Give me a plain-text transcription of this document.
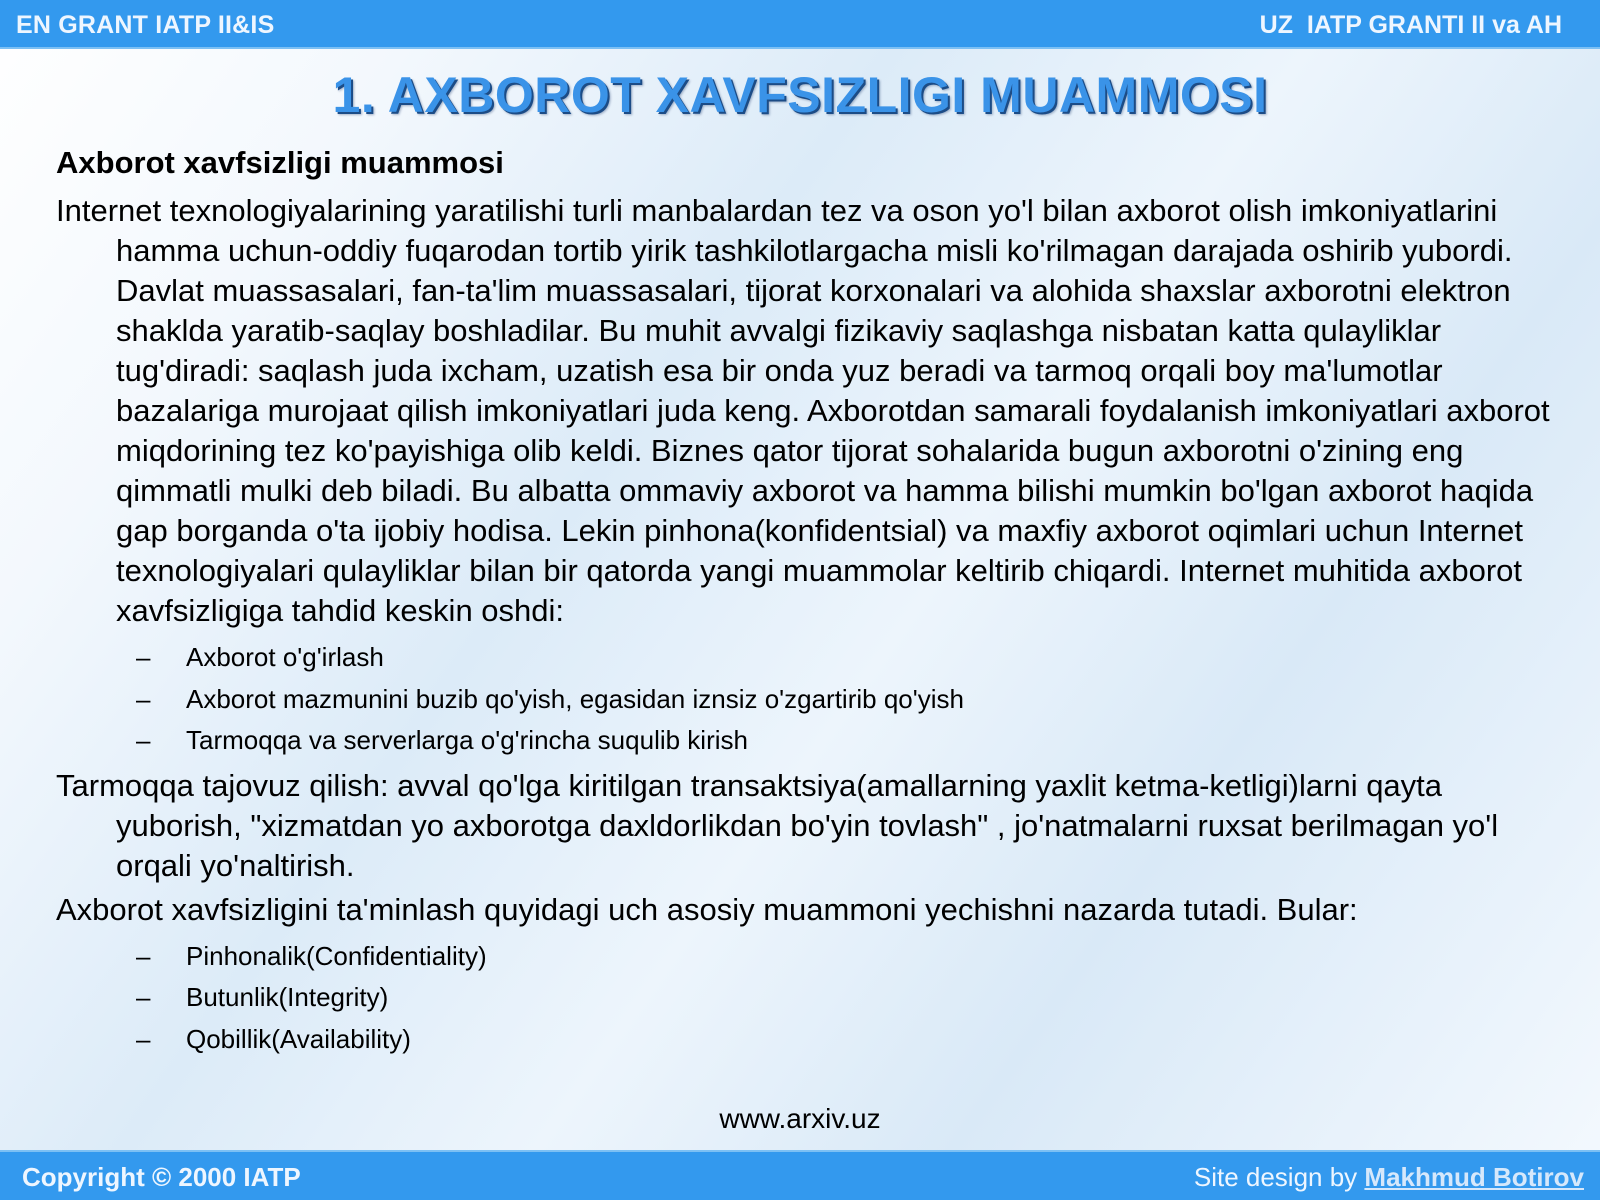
EN GRANT IATP II&IS	UZ  IATP GRANTI II va AH
1. AXBOROT XAVFSIZLIGI MUAMMOSI
Axborot xavfsizligi muammosi

Internet texnologiyalarining yaratilishi turli manbalardan tez va oson yo'l bilan axborot olish imkoniyatlarini hamma uchun-oddiy fuqarodan tortib yirik tashkilotlargacha misli ko'rilmagan darajada oshirib yubordi. Davlat muassasalari, fan-ta'lim muassasalari, tijorat korxonalari va alohida shaxslar axborotni elektron shakldа yaratib-saqlay boshladilar. Bu muhit avvalgi fizikaviy saqlashga nisbatan katta qulayliklar tug'diradi: saqlash juda ixcham, uzatish esa bir onda yuz beradi va tarmoq orqali boy ma'lumotlar bazalariga murojaat qilish imkoniyatlari juda keng. Axborotdan samarali foydalanish imkoniyatlari axborot miqdorining tez ko'payishiga olib keldi. Biznes qator tijorat sohalarida bugun axborotni o'zining eng qimmatli mulki deb biladi. Bu albatta ommaviy axborot va hamma bilishi mumkin bo'lgan axborot haqida gap borganda o'ta ijobiy hodisa. Lekin pinhona(konfidentsial) va maxfiy axborot oqimlari uchun Internet texnologiyalari qulayliklar bilan bir qatorda yangi muammolar keltirib chiqardi. Internet muhitida axborot xavfsizligiga tahdid keskin oshdi:

– Axborot o'g'irlash
– Axborot mazmunini buzib qo'yish, egasidan iznsiz o'zgartirib qo'yish
– Tarmoqqa va serverlarga o'g'rincha suqulib kirish

Tarmoqqa tajovuz qilish: avval qo'lga kiritilgan transaktsiya(amallarning yaxlit ketma-ketligi)larni qayta yuborish, "xizmatdan yo axborotga daxldorlikdan bo'yin tovlash" , jo'natmalarni ruxsat berilmagan yo'l orqali yo'naltirish.

Axborot xavfsizligini ta'minlash quyidagi uch asosiy muammoni yechishni nazarda tutadi. Bular:

– Pinhonalik(Confidentiality)
– Butunlik(Integrity)
– Qobillik(Availability)
www.arxiv.uz
Copyright © 2000 IATP	Site design by Makhmud Botirov
